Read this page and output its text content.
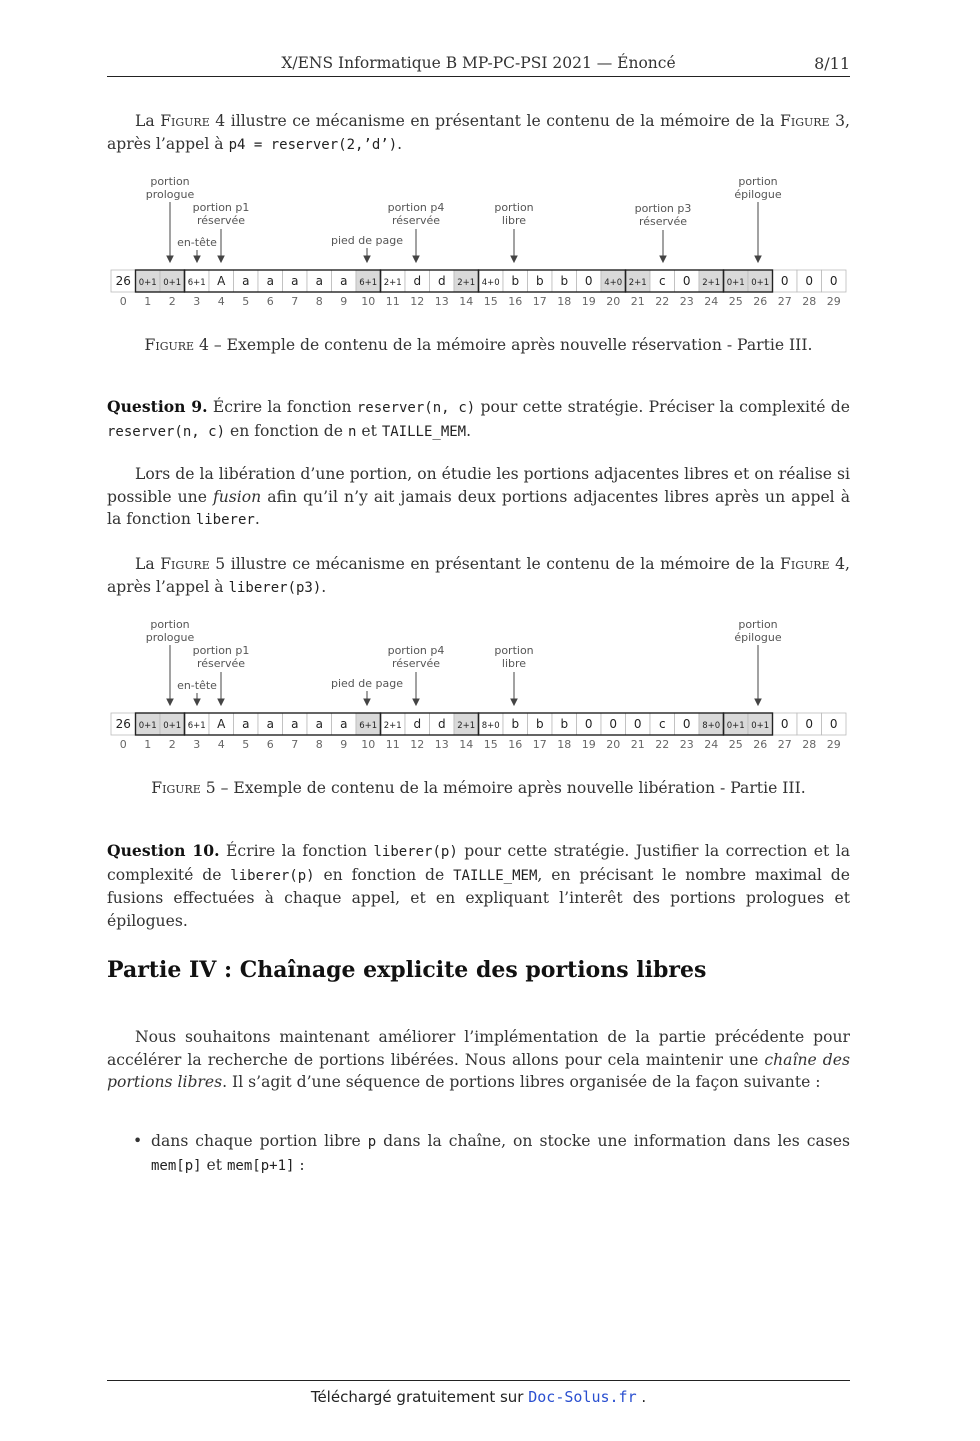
X/ENS Informatique B MP-PC-PSI 2021 — Énoncé	8/11
La Figure 4 illustre ce mécanisme en présentant le contenu de la mémoire de la Figure 3, après l’appel à p4 = reserver(2,’d’).
portion
prologue
portion p1
réservée
en-tête	pied de page
portion p4
réservée
portion
libre
portion p3
réservée
portion
épilogue
26 0+1 0+1 6+1 A a a a a a 6+1 2+1 d d 2+1 4+0 b b b 0 4+0 2+1 c 0 2+1 0+1 0+1 0 0 0
0 1 2 3 4 5 6 7 8 9 10 11 12 13 14 15 16 17 18 19 20 21 22 23 24 25 26 27 28 29
Figure 4 – Exemple de contenu de la mémoire après nouvelle réservation - Partie III.
Question 9. Écrire la fonction reserver(n, c) pour cette stratégie. Préciser la complexité de reserver(n, c) en fonction de n et TAILLE_MEM.
Lors de la libération d’une portion, on étudie les portions adjacentes libres et on réalise si possible une fusion afin qu’il n’y ait jamais deux portions adjacentes libres après un appel à la fonction liberer.
La Figure 5 illustre ce mécanisme en présentant le contenu de la mémoire de la Figure 4, après l’appel à liberer(p3).
portion
prologue
portion p1
réservée
en-tête	pied de page
portion p4
réservée
portion
libre
portion
épilogue
26 0+1 0+1 6+1 A a a a a a 6+1 2+1 d d 2+1 8+0 b b b 0 0 0 c 0 8+0 0+1 0+1 0 0 0
0 1 2 3 4 5 6 7 8 9 10 11 12 13 14 15 16 17 18 19 20 21 22 23 24 25 26 27 28 29
Figure 5 – Exemple de contenu de la mémoire après nouvelle libération - Partie III.
Question 10. Écrire la fonction liberer(p) pour cette stratégie. Justifier la correction et la complexité de liberer(p) en fonction de TAILLE_MEM, en précisant le nombre maximal de fusions effectuées à chaque appel, et en expliquant l’interêt des portions prologues et épilogues.
Partie IV : Chaînage explicite des portions libres
Nous souhaitons maintenant améliorer l’implémentation de la partie précédente pour accélérer la recherche de portions libérées. Nous allons pour cela maintenir une chaîne des portions libres. Il s’agit d’une séquence de portions libres organisée de la façon suivante :
• dans chaque portion libre p dans la chaîne, on stocke une information dans les cases mem[p] et mem[p+1] :
Téléchargé gratuitement sur Doc-Solus.fr .
